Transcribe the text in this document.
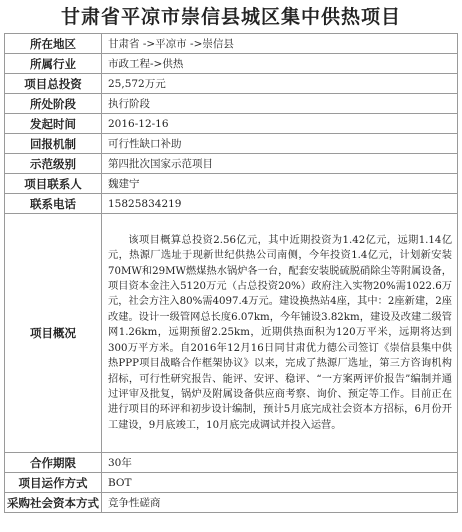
甘肃省平凉市崇信县城区集中供热项目
所在地区	甘肃省 ->平凉市 ->崇信县
所属行业	市政工程->供热
项目总投资	25,572万元
所处阶段	执行阶段
发起时间	2016-12-16
回报机制	可行性缺口补助
示范级别	第四批次国家示范项目
项目联系人	魏建宁
联系电话	15825834219
项目概况	该项目概算总投资2.56亿元，其中近期投资为1.42亿元，远期1.14亿元，热源厂选址于现新世纪供热公司南侧，今年投资1.4亿元，计划新安装70MW和29MW燃煤热水锅炉各一台，配套安装脱硫脱硝除尘等附属设备，项目资本金注入5120万元（占总投资20%）政府注入实物20%需1022.6万元，社会方注入80%需4097.4万元。建设换热站4座，其中：2座新建，2座改建。设计一级管网总长度6.07km，今年铺设3.82km，建设及改建二级管网1.26km，远期预留2.25km，近期供热面积为120万平米，远期将达到300万平方米。自2016年12月16日同甘肃优力德公司签订《崇信县集中供热PPP项目战略合作框架协议》以来，完成了热源厂选址，第三方咨询机构招标，可行性研究报告、能评、安评、稳评、“一方案两评价报告”编制并通过评审及批复，锅炉及附属设备供应商考察、询价、预定等工作。目前正在进行项目的环评和初步设计编制，预计5月底完成社会资本方招标，6月份开工建设，9月底竣工，10月底完成调试并投入运营。
合作期限	30年
项目运作方式	BOT
采购社会资本方式	竞争性磋商
